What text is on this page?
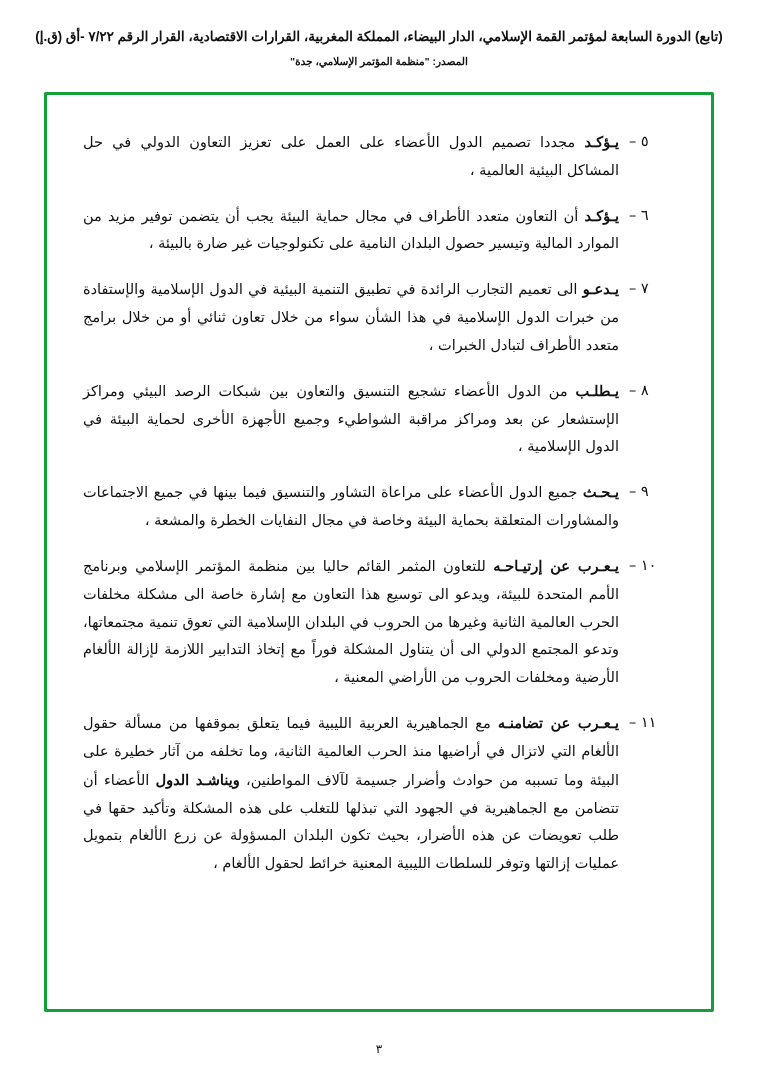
(تابع) الدورة السابعة لمؤتمر القمة الإسلامي، الدار البيضاء، المملكة المغربية، القرارات الاقتصادية، القرار الرقم ٧/٢٢ -أق (ق.إ)
المصدر: "منظمة المؤتمر الإسلامي، جدة"
٥ –
يـؤكـد مجددا تصميم الدول الأعضاء على العمل على تعزيز التعاون الدولي في حل المشاكل البيئية العالمية ،
٦ –
يـؤكـد أن التعاون متعدد الأطراف في مجال حماية البيئة يجب أن يتضمن توفير مزيد من الموارد المالية وتيسير حصول البلدان النامية على تكنولوجيات غير ضارة بالبيئة ،
٧ –
يـدعـو الى تعميم التجارب الرائدة في تطبيق التنمية البيئية في الدول الإسلامية والإستفادة من خبرات الدول الإسلامية في هذا الشأن سواء من خلال تعاون ثنائي أو من خلال برامج متعدد الأطراف لتبادل الخبرات ،
٨ –
يـطلـب من الدول الأعضاء تشجيع التنسيق والتعاون بين شبكات الرصد البيئي ومراكز الإستشعار عن بعد ومراكز مراقبة الشواطيء وجميع الأجهزة الأخرى لحماية البيئة في الدول الإسلامية ،
٩ –
يـحـث جميع الدول الأعضاء على مراعاة التشاور والتنسيق فيما بينها في جميع الاجتماعات والمشاورات المتعلقة بحماية البيئة وخاصة في مجال النفايات الخطرة والمشعة ،
١٠ –
يـعـرب عن إرتيـاحـه للتعاون المثمر القائم حاليا بين منظمة المؤتمر الإسلامي وبرنامج الأمم المتحدة للبيئة، ويدعو الى توسيع هذا التعاون مع إشارة خاصة الى مشكلة مخلفات الحرب العالمية الثانية وغيرها من الحروب في البلدان الإسلامية التي تعوق تنمية مجتمعاتها، وتدعو المجتمع الدولي الى أن يتناول المشكلة فوراً مع إتخاذ التدابير اللازمة لإزالة الألغام الأرضية ومخلفات الحروب من الأراضي المعنية ،
١١ –
يـعـرب عن تضامنـه مع الجماهيرية العربية الليبية فيما يتعلق بموقفها من مسألة حقول الألغام التي لاتزال في أراضيها منذ الحرب العالمية الثانية، وما تخلفه من آثار خطيرة على البيئة وما تسببه من حوادث وأضرار جسيمة لآلاف المواطنين، ويناشـد الدول الأعضاء أن تتضامن مع الجماهيرية في الجهود التي تبذلها للتغلب على هذه المشكلة وتأكيد حقها في طلب تعويضات عن هذه الأضرار، بحيث تكون البلدان المسؤولة عن زرع الألغام بتمويل عمليات إزالتها وتوفر للسلطات الليبية المعنية خرائط لحقول الألغام ،
٣
